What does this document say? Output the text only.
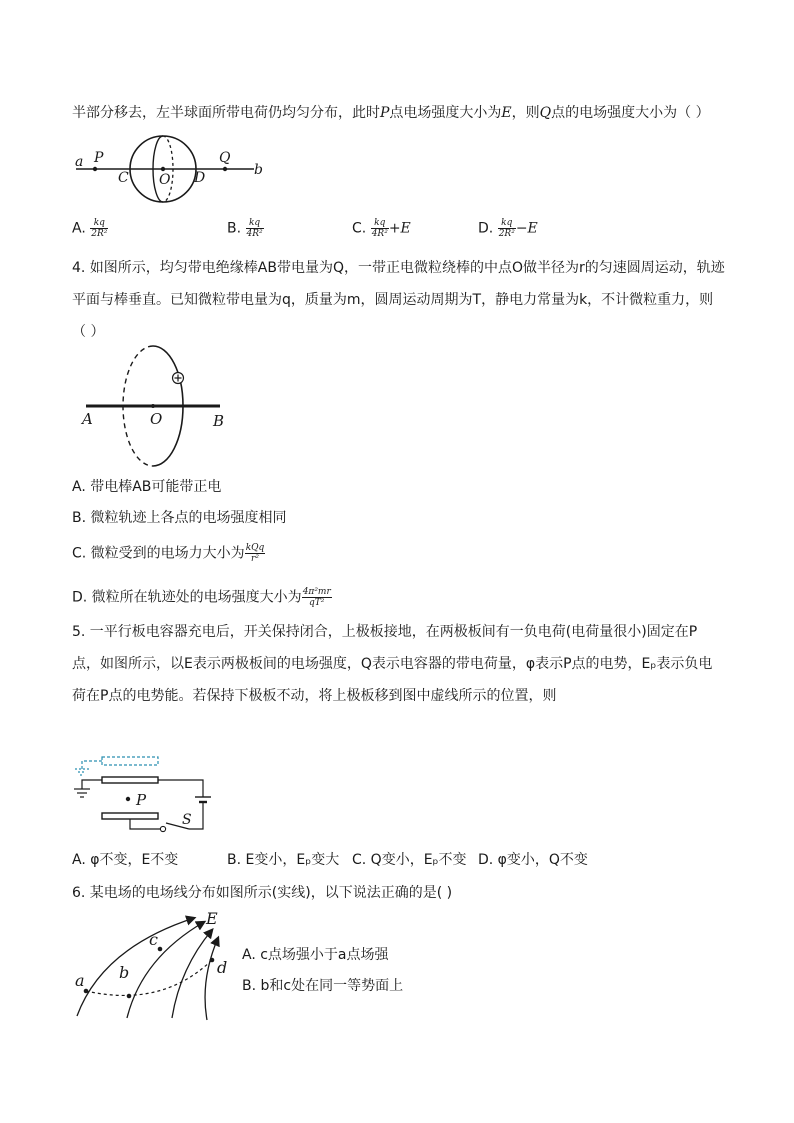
半部分移去，左半球面所带电荷仍均匀分布，此时P点电场强度大小为E，则Q点的电场强度大小为（ ）
a P
C O D
Q
b
A. $\frac{kq}{\text{2R²}}$	B. $\frac{kq}{\text{4R²}}$	C. $\frac{kq}{\text{4R²}} +E$	D. $\frac{kq}{\text{2R²}} -E$
4. 如图所示，均匀带电绝缘棒AB带电量为Q，一带正电微粒绕棒的中点O做半径为r的匀速圆周运动，轨迹
平面与棒垂直。已知微粒带电量为q，质量为m，圆周运动周期为T，静电力常量为k，不计微粒重力，则
（ ）
A	O	B
A. 带电棒AB可能带正电
B. 微粒轨迹上各点的电场强度相同
C. 微粒受到的电场力大小为 $\frac{\text{kQq}}{\text{r²}}$
D. 微粒所在轨迹处的电场强度大小为 $\frac{\text{4π²mr}}{\text{qT²}}$
5. 一平行板电容器充电后，开关保持闭合，上极板接地，在两极板间有一负电荷(电荷量很小)固定在P
点，如图所示，以E表示两极板间的电场强度，Q表示电容器的带电荷量，φ表示P点的电势，Eₚ表示负电
荷在P点的电势能。若保持下极板不动，将上极板移到图中虚线所示的位置，则
P
S
A. φ不变，E不变	B. E变小，Eₚ变大 C. Q变小，Eₚ不变 D. φ变小，Q不变
6. 某电场的电场线分布如图所示(实线)，以下说法正确的是( )
E
c
a b	d
A. c点场强小于a点场强
B. b和c处在同一等势面上
